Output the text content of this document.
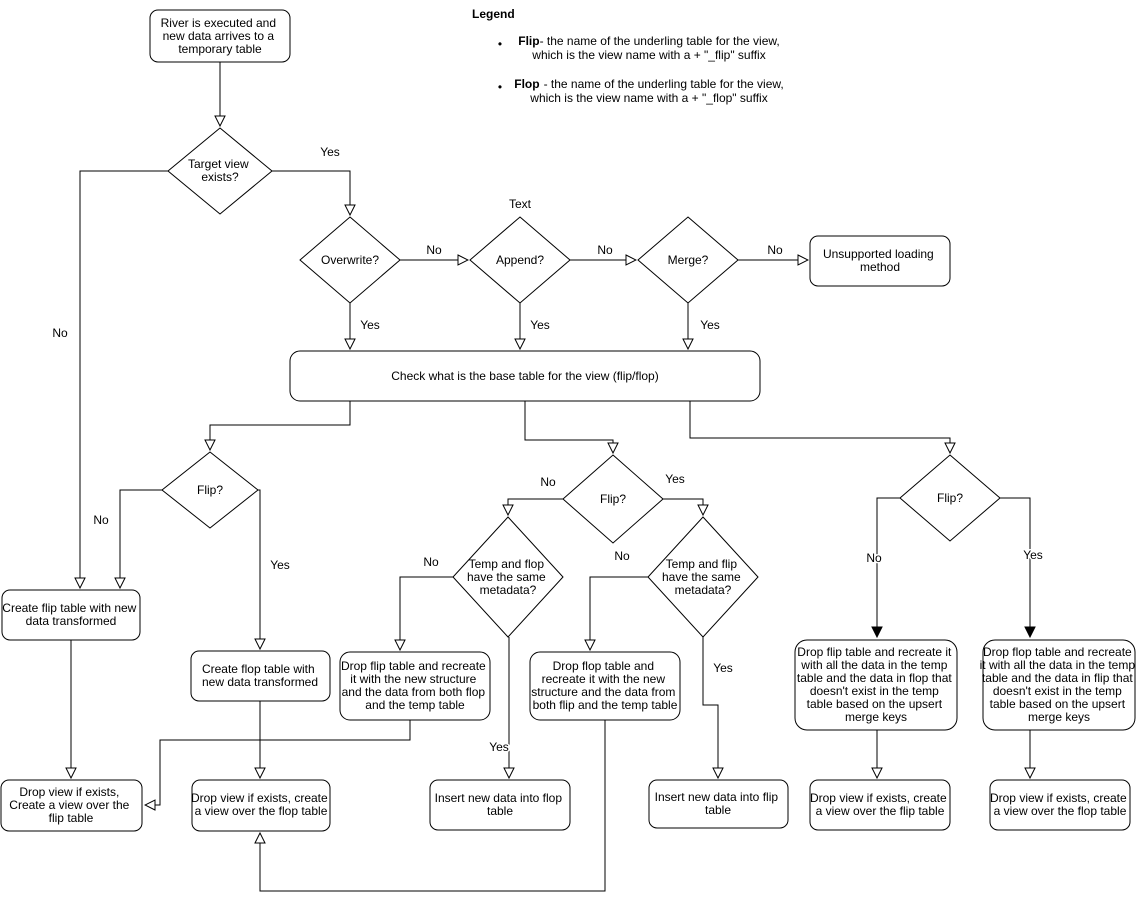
Yes
No
No	No	No
Yes	Yes	Yes
No
Yes
No	Yes
No	No
Yes
Yes
No	Yes
Text
River is executed and new data arrives to a temporary table
Target view exists?
Overwrite?	Append?	Merge?	Unsupported loading method
Check what is the base table for the view (flip/flop)
Flip?
Flip?	Flip?
Temp and flop have the same metadata?
Temp and flip have the same metadata?
Create flip table with new data transformed
Create flop table with new data transformed
Drop flip table and recreate it with the new structure and the data from both flop and the temp table
Drop flop table and recreate it with the new structure and the data from both flip and the temp table
Drop flip table and recreate it with all the data in the temp table and the data in flop that doesn't exist in the temp table based on the upsert merge keys
Drop flop table and recreate it with all the data in the temp table and the data in flip that doesn't exist in the temp table based on the upsert merge keys
Drop view if exists, Create a view over the flip table
Drop view if exists, create a view over the flop table
Insert new data into flop table
Insert new data into flip table
Drop view if exists, create a view over the flip table
Drop view if exists, create a view over the flop table
Legend
• Flip- the name of the underling table for the view,
which is the view name with a + "_flip" suffix
• Flop - the name of the underling table for the view,
which is the view name with a + "_flop" suffix
